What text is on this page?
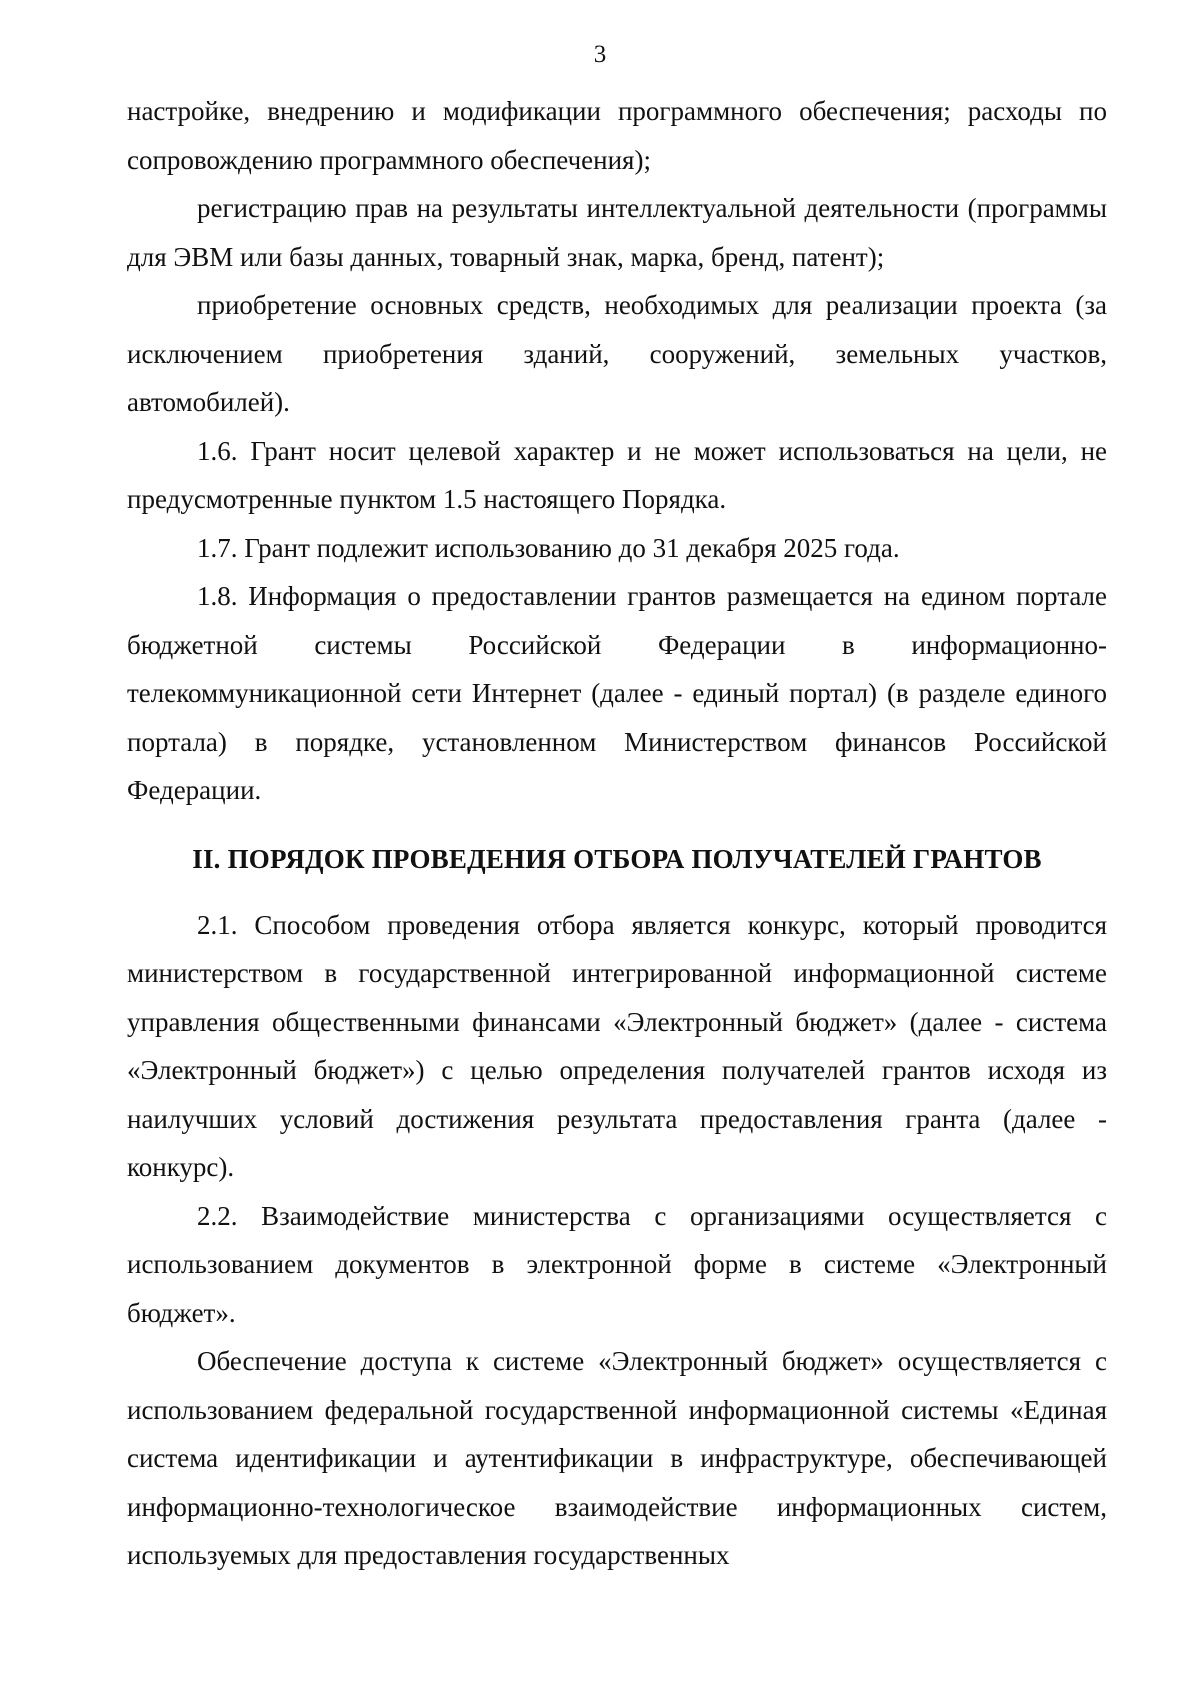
3

настройке, внедрению и модификации программного обеспечения; расходы по сопровождению программного обеспечения);

регистрацию прав на результаты интеллектуальной деятельности (программы для ЭВМ или базы данных, товарный знак, марка, бренд, патент);

приобретение основных средств, необходимых для реализации проекта (за исключением приобретения зданий, сооружений, земельных участков, автомобилей).

1.6. Грант носит целевой характер и не может использоваться на цели, не предусмотренные пунктом 1.5 настоящего Порядка.

1.7. Грант подлежит использованию до 31 декабря 2025 года.

1.8. Информация о предоставлении грантов размещается на едином портале бюджетной системы Российской Федерации в информационно-телекоммуникационной сети Интернет (далее - единый портал) (в разделе единого портала) в порядке, установленном Министерством финансов Российской Федерации.

II. ПОРЯДОК ПРОВЕДЕНИЯ ОТБОРА ПОЛУЧАТЕЛЕЙ ГРАНТОВ

2.1. Способом проведения отбора является конкурс, который проводится министерством в государственной интегрированной информационной системе управления общественными финансами «Электронный бюджет» (далее - система «Электронный бюджет») с целью определения получателей грантов исходя из наилучших условий достижения результата предоставления гранта (далее - конкурс).

2.2. Взаимодействие министерства с организациями осуществляется с использованием документов в электронной форме в системе «Электронный бюджет».

Обеспечение доступа к системе «Электронный бюджет» осуществляется с использованием федеральной государственной информационной системы «Единая система идентификации и аутентификации в инфраструктуре, обеспечивающей информационно-технологическое взаимодействие информационных систем, используемых для предоставления государственных
